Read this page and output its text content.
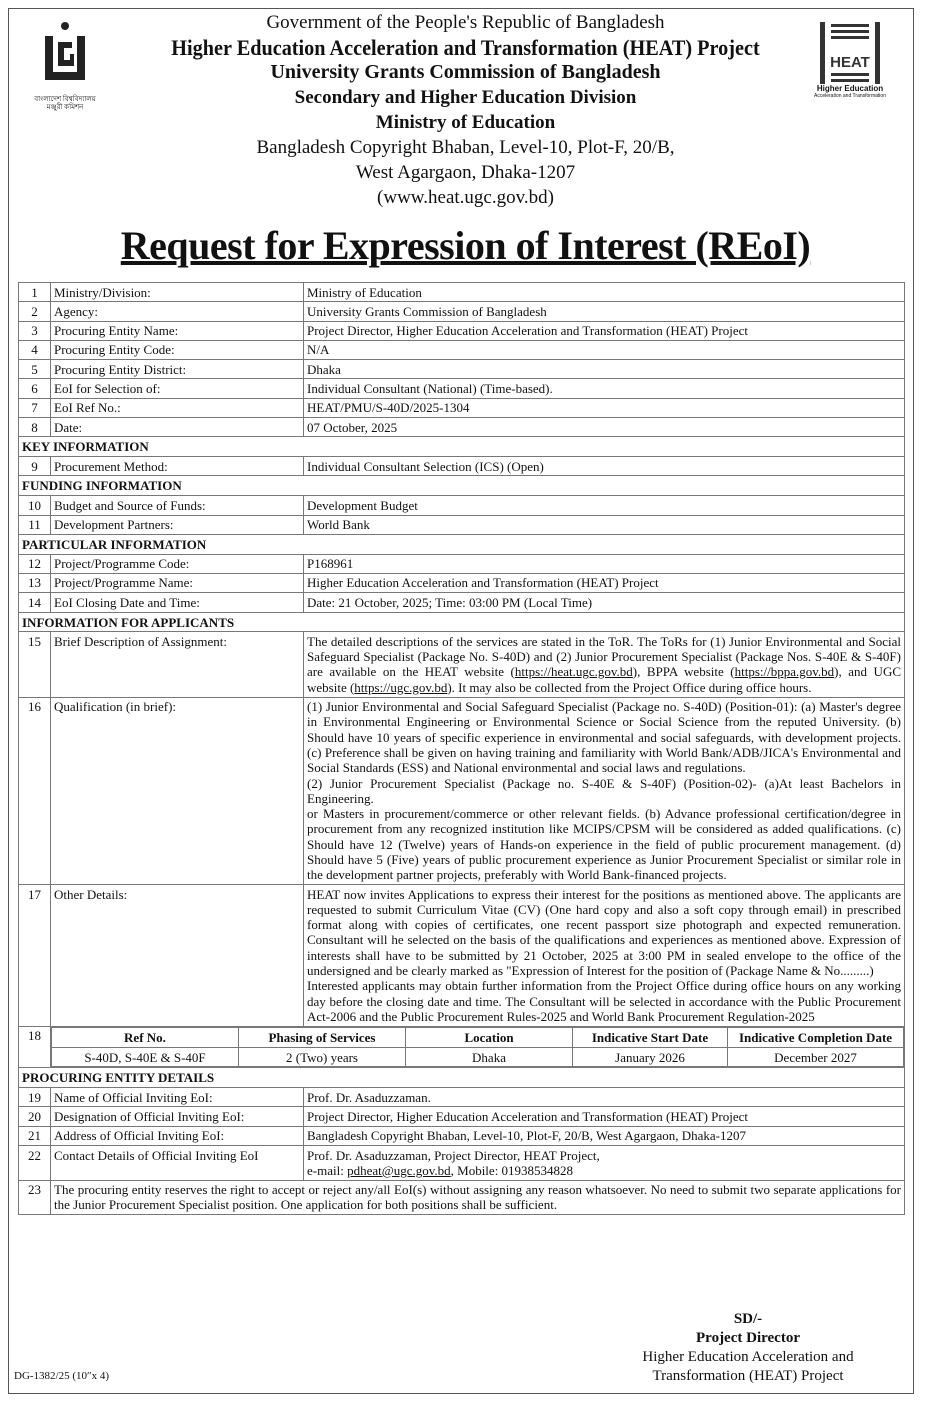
বাংলাদেশ বিশ্ববিদ্যালয় মঞ্জুরী কমিশন
HEAT
Higher Education
Acceleration and Transformation
Government of the People's Republic of Bangladesh
Higher Education Acceleration and Transformation (HEAT) Project
University Grants Commission of Bangladesh
Secondary and Higher Education Division
Ministry of Education
Bangladesh Copyright Bhaban, Level-10, Plot-F, 20/B,
West Agargaon, Dhaka-1207
(www.heat.ugc.gov.bd)
Request for Expression of Interest (REoI)
1	Ministry/Division:	Ministry of Education
2	Agency:	University Grants Commission of Bangladesh
3	Procuring Entity Name:	Project Director, Higher Education Acceleration and Transformation (HEAT) Project
4	Procuring Entity Code:	N/A
5	Procuring Entity District:	Dhaka
6	EoI for Selection of:	Individual Consultant (National) (Time-based).
7	EoI Ref No.:	HEAT/PMU/S-40D/2025-1304
8	Date:	07 October, 2025
KEY INFORMATION
9	Procurement Method:	Individual Consultant Selection (ICS) (Open)
FUNDING INFORMATION
10	Budget and Source of Funds:	Development Budget
11	Development Partners:	World Bank
PARTICULAR INFORMATION
12	Project/Programme Code:	P168961
13	Project/Programme Name:	Higher Education Acceleration and Transformation (HEAT) Project
14	EoI Closing Date and Time:	Date: 21 October, 2025; Time: 03:00 PM (Local Time)
INFORMATION FOR APPLICANTS
15	Brief Description of Assignment:	The detailed descriptions of the services are stated in the ToR. The ToRs for (1) Junior Environmental and Social Safeguard Specialist (Package No. S-40D) and (2) Junior Procurement Specialist (Package Nos. S-40E & S-40F) are available on the HEAT website (https://heat.ugc.gov.bd), BPPA website (https://bppa.gov.bd), and UGC website (https://ugc.gov.bd). It may also be collected from the Project Office during office hours.
16	Qualification (in brief):	(1) Junior Environmental and Social Safeguard Specialist (Package no. S-40D) (Position-01): (a) Master's degree in Environmental Engineering or Environmental Science or Social Science from the reputed University. (b) Should have 10 years of specific experience in environmental and social safeguards, with development projects. (c) Preference shall be given on having training and familiarity with World Bank/ADB/JICA's Environmental and Social Standards (ESS) and National environmental and social laws and regulations.
(2) Junior Procurement Specialist (Package no. S-40E & S-40F) (Position-02)- (a)At least Bachelors in Engineering.
or Masters in procurement/commerce or other relevant fields. (b) Advance professional certification/degree in procurement from any recognized institution like MCIPS/CPSM will be considered as added qualifications. (c) Should have 12 (Twelve) years of Hands-on experience in the field of public procurement management. (d) Should have 5 (Five) years of public procurement experience as Junior Procurement Specialist or similar role in the development partner projects, preferably with World Bank-financed projects.

17	Other Details:	HEAT now invites Applications to express their interest for the positions as mentioned above. The applicants are requested to submit Curriculum Vitae (CV) (One hard copy and also a soft copy through email) in prescribed format along with copies of certificates, one recent passport size photograph and expected remuneration. Consultant will he selected on the basis of the qualifications and experiences as mentioned above. Expression of interests shall have to be submitted by 21 October, 2025 at 3:00 PM in sealed envelope to the office of the undersigned and be clearly marked as "Expression of Interest for the position of (Package Name & No.........)
Interested applicants may obtain further information from the Project Office during office hours on any working day before the closing date and time. The Consultant will be selected in accordance with the Public Procurement Act-2006 and the Public Procurement Rules-2025 and World Bank Procurement Regulation-2025

18		Ref No.	Phasing of Services	Location	Indicative Start Date	Indicative Completion Date
S-40D, S-40E & S-40F	2 (Two) years	Dhaka	January 2026	December 2027

PROCURING ENTITY DETAILS
19	Name of Official Inviting EoI:	Prof. Dr. Asaduzzaman.
20	Designation of Official Inviting EoI:	Project Director, Higher Education Acceleration and Transformation (HEAT) Project
21	Address of Official Inviting EoI:	Bangladesh Copyright Bhaban, Level-10, Plot-F, 20/B, West Agargaon, Dhaka-1207
22	Contact Details of Official Inviting EoI	Prof. Dr. Asaduzzaman, Project Director, HEAT Project,
e-mail: pdheat@ugc.gov.bd, Mobile: 01938534828
23	The procuring entity reserves the right to accept or reject any/all EoI(s) without assigning any reason whatsoever. No need to submit two separate applications for the Junior Procurement Specialist position. One application for both positions shall be sufficient.
SD/-
Project Director
Higher Education Acceleration and
Transformation (HEAT) Project
DG-1382/25 (10″x 4)
